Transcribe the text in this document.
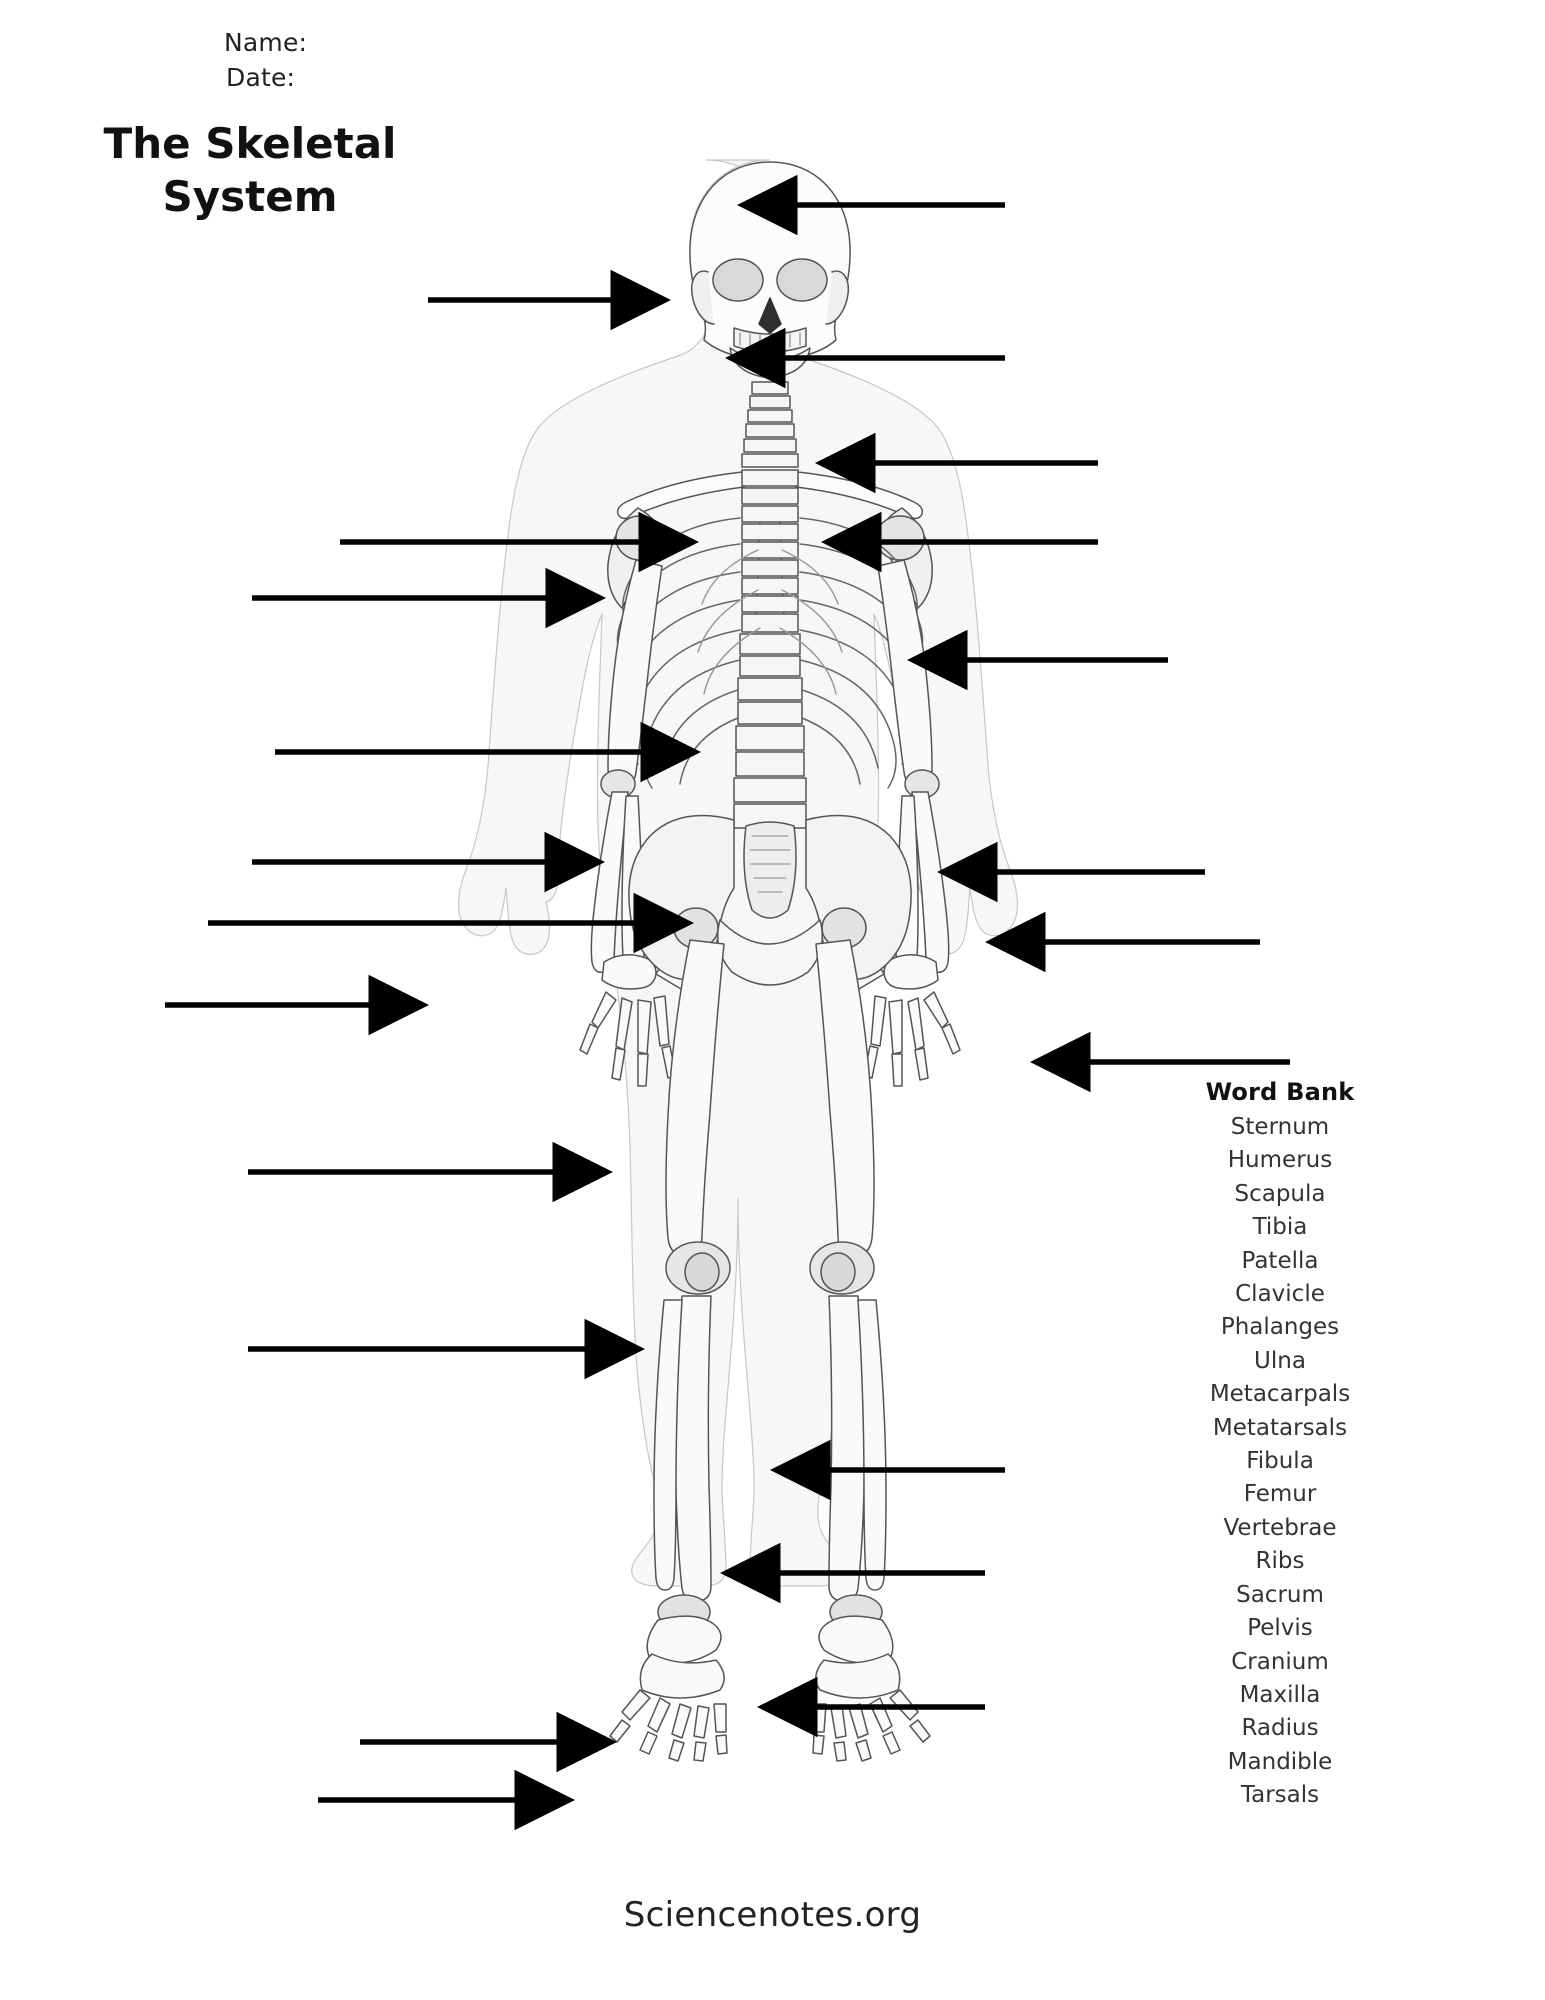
Name:
Date:
The Skeletal System
Word Bank
Sternum
Humerus
Scapula
Tibia
Patella
Clavicle
Phalanges
Ulna
Metacarpals
Metatarsals
Fibula
Femur
Vertebrae
Ribs
Sacrum
Pelvis
Cranium
Maxilla
Radius
Mandible
Tarsals
Sciencenotes.org
